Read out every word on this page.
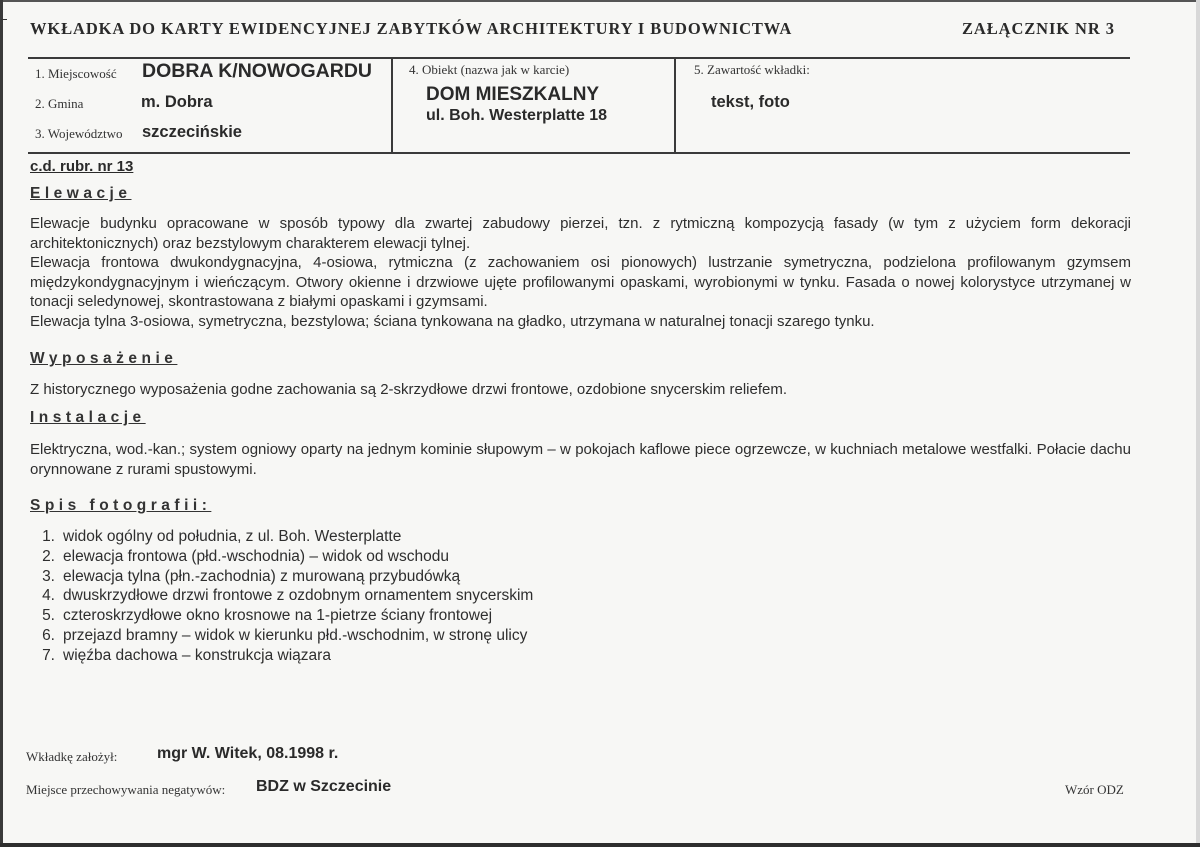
WKŁADKA DO KARTY EWIDENCYJNEJ ZABYTKÓW ARCHITEKTURY I BUDOWNICTWA	ZAŁĄCZNIK NR 3
1. Miejscowość DOBRA K/NOWOGARDU
2. Gmina	m. Dobra
3. Województwo szczecińskie
4. Obiekt (nazwa jak w karcie)
DOM MIESZKALNY
ul. Boh. Westerplatte 18
5. Zawartość wkładki:
tekst, foto
c.d. rubr. nr 13
Elewacje

Elewacje budynku opracowane w sposób typowy dla zwartej zabudowy pierzei, tzn. z rytmiczną kompozycją fasady (w tym z użyciem form dekoracji architektonicznych) oraz bezstylowym charakterem elewacji tylnej.

Elewacja frontowa dwukondygnacyjna, 4-osiowa, rytmiczna (z zachowaniem osi pionowych) lustrzanie symetryczna, podzielona profilowanym gzymsem międzykondygnacyjnym i wieńczącym. Otwory okienne i drzwiowe ujęte profilowanymi opaskami, wyrobionymi w tynku. Fasada o nowej kolorystyce utrzymanej w tonacji seledynowej, skontrastowana z białymi opaskami i gzymsami.

Elewacja tylna 3-osiowa, symetryczna, bezstylowa; ściana tynkowana na gładko, utrzymana w naturalnej tonacji szarego tynku.

Wyposażenie
Z historycznego wyposażenia godne zachowania są 2-skrzydłowe drzwi frontowe, ozdobione snycerskim reliefem.
Instalacje
Elektryczna, wod.-kan.; system ogniowy oparty na jednym kominie słupowym – w pokojach kaflowe piece ogrzewcze, w kuchniach metalowe westfalki. Połacie dachu orynnowane z rurami spustowymi.
Spis fotografii:
1. widok ogólny od południa, z ul. Boh. Westerplatte
2. elewacja frontowa (płd.-wschodnia) – widok od wschodu
3. elewacja tylna (płn.-zachodnia) z murowaną przybudówką
4. dwuskrzydłowe drzwi frontowe z ozdobnym ornamentem snycerskim
5. czteroskrzydłowe okno krosnowe na 1-pietrze ściany frontowej
6. przejazd bramny – widok w kierunku płd.-wschodnim, w stronę ulicy
7. więźba dachowa – konstrukcja wiązara
Wkładkę założył: mgr W. Witek, 08.1998 r.
Miejsce przechowywania negatywów: BDZ w Szczecinie	Wzór ODZ
